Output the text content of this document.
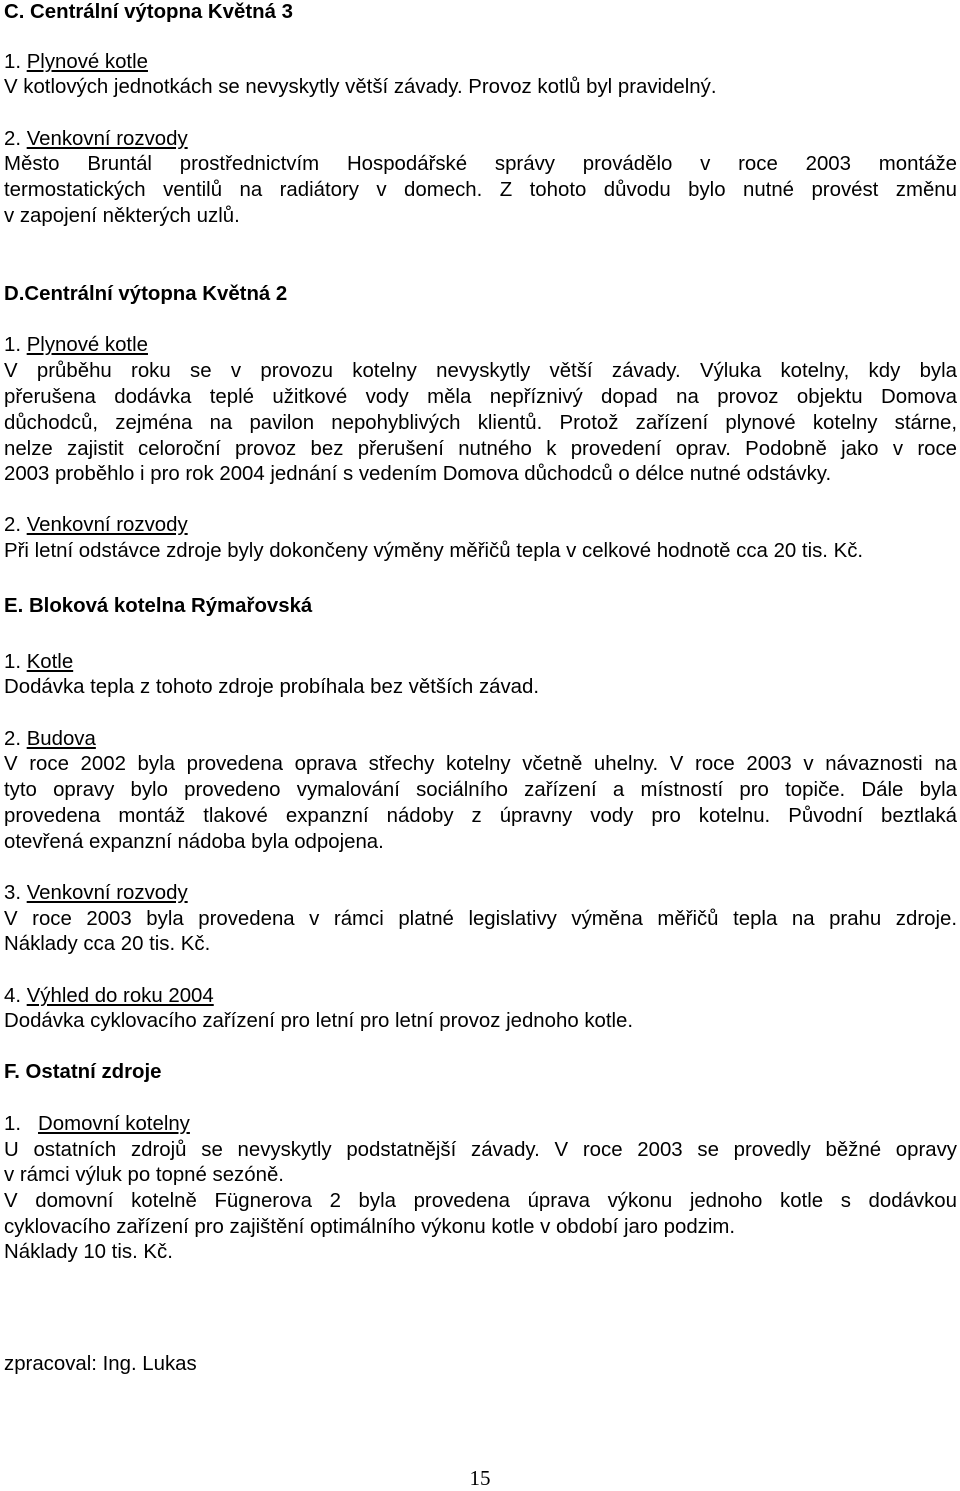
C. Centrální výtopna Květná 3
1. Plynové kotle
V kotlových jednotkách se nevyskytly větší závady. Provoz kotlů byl pravidelný.
2. Venkovní rozvody
Město Bruntál prostřednictvím Hospodářské správy provádělo v roce 2003 montáže
termostatických ventilů na radiátory v domech. Z tohoto důvodu bylo nutné provést změnu
v zapojení některých uzlů.
D.Centrální výtopna Květná 2
1. Plynové kotle
V průběhu roku se v provozu kotelny nevyskytly větší závady. Výluka kotelny, kdy byla
přerušena dodávka teplé užitkové vody měla nepříznivý dopad na provoz objektu Domova
důchodců, zejména na pavilon nepohyblivých klientů. Protož zařízení plynové kotelny stárne,
nelze zajistit celoroční provoz bez přerušení nutného k provedení oprav. Podobně jako v roce
2003 proběhlo i pro rok 2004 jednání s vedením Domova důchodců o délce nutné odstávky.
2. Venkovní rozvody
Při letní odstávce zdroje byly dokončeny výměny měřičů tepla v celkové hodnotě cca 20 tis. Kč.
E. Bloková kotelna Rýmařovská
1. Kotle
Dodávka tepla z tohoto zdroje probíhala bez větších závad.
2. Budova
V roce 2002 byla provedena oprava střechy kotelny včetně uhelny. V roce 2003 v návaznosti na
tyto opravy bylo provedeno vymalování sociálního zařízení a místností pro topiče. Dále byla
provedena montáž tlakové expanzní nádoby z úpravny vody pro kotelnu. Původní beztlaká
otevřená expanzní nádoba byla odpojena.
3. Venkovní rozvody
V roce 2003 byla provedena v rámci platné legislativy výměna měřičů tepla na prahu zdroje.
Náklady cca 20 tis. Kč.
4. Výhled do roku 2004
Dodávka cyklovacího zařízení pro letní pro letní provoz jednoho kotle.
F. Ostatní zdroje
1. Domovní kotelny
U ostatních zdrojů se nevyskytly podstatnější závady. V roce 2003 se provedly běžné opravy
v rámci výluk po topné sezóně.
V domovní kotelně Fügnerova 2 byla provedena úprava výkonu jednoho kotle s dodávkou
cyklovacího zařízení pro zajištění optimálního výkonu kotle v období jaro podzim.
Náklady 10 tis. Kč.
zpracoval: Ing. Lukas
15
